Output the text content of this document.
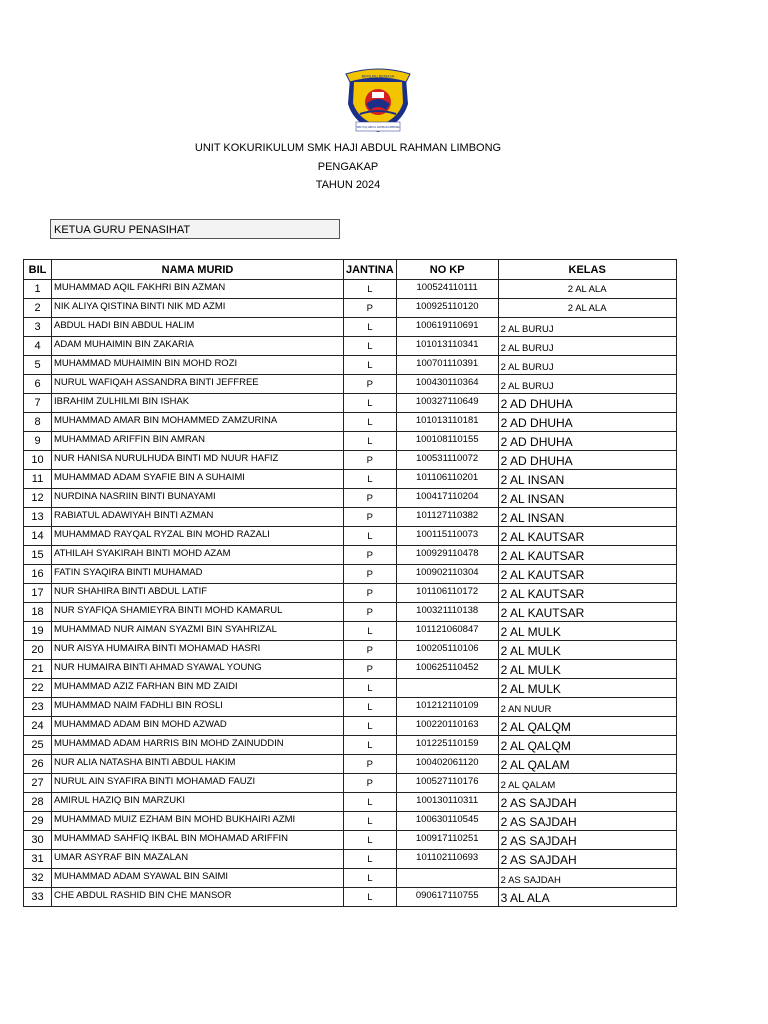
BERILMU BERJASA
SMK HAJI ABDUL RAHMAN LIMBONG
UNIT KOKURIKULUM SMK HAJI ABDUL RAHMAN LIMBONG
PENGAKAP
TAHUN 2024
KETUA GURU PENASIHAT
BIL	NAMA MURID	JANTINA	NO KP	KELAS
1	MUHAMMAD AQIL FAKHRI BIN AZMAN	L	100524110111	2 AL ALA
2	NIK ALIYA QISTINA BINTI NIK MD AZMI	P	100925110120	2 AL ALA
3	ABDUL HADI BIN ABDUL HALIM	L	100619110691	2 AL BURUJ
4	ADAM MUHAIMIN BIN ZAKARIA	L	101013110341	2 AL BURUJ
5	MUHAMMAD MUHAIMIN BIN MOHD ROZI	L	100701110391	2 AL BURUJ
6	NURUL WAFIQAH ASSANDRA BINTI JEFFREE	P	100430110364	2 AL BURUJ
7	IBRAHIM ZULHILMI BIN ISHAK	L	100327110649	2 AD DHUHA
8	MUHAMMAD AMAR BIN MOHAMMED ZAMZURINA	L	101013110181	2 AD DHUHA
9	MUHAMMAD ARIFFIN BIN AMRAN	L	100108110155	2 AD DHUHA
10	NUR HANISA NURULHUDA BINTI MD NUUR HAFIZ	P	100531110072	2 AD DHUHA
11	MUHAMMAD ADAM SYAFIE BIN A SUHAIMI	L	101106110201	2 AL INSAN
12	NURDINA NASRIIN BINTI BUNAYAMI	P	100417110204	2 AL INSAN
13	RABIATUL ADAWIYAH BINTI AZMAN	P	101127110382	2 AL INSAN
14	MUHAMMAD RAYQAL RYZAL BIN MOHD RAZALI	L	100115110073	2 AL KAUTSAR
15	ATHILAH SYAKIRAH BINTI MOHD AZAM	P	100929110478	2 AL KAUTSAR
16	FATIN SYAQIRA BINTI MUHAMAD	P	100902110304	2 AL KAUTSAR
17	NUR SHAHIRA BINTI ABDUL LATIF	P	101106110172	2 AL KAUTSAR
18	NUR SYAFIQA SHAMIEYRA BINTI MOHD KAMARUL	P	100321110138	2 AL KAUTSAR
19	MUHAMMAD NUR AIMAN SYAZMI BIN SYAHRIZAL	L	101121060847	2 AL MULK
20	NUR AISYA HUMAIRA BINTI MOHAMAD HASRI	P	100205110106	2 AL MULK
21	NUR HUMAIRA BINTI AHMAD SYAWAL YOUNG	P	100625110452	2 AL MULK
22	MUHAMMAD AZIZ FARHAN BIN MD ZAIDI	L		2 AL MULK
23	MUHAMMAD NAIM FADHLI BIN ROSLI	L	101212110109	2 AN NUUR
24	MUHAMMAD ADAM BIN MOHD AZWAD	L	100220110163	2 AL QALQM
25	MUHAMMAD ADAM HARRIS BIN MOHD ZAINUDDIN	L	101225110159	2 AL QALQM
26	NUR ALIA NATASHA BINTI ABDUL HAKIM	P	100402061120	2 AL QALAM
27	NURUL AIN SYAFIRA BINTI MOHAMAD FAUZI	P	100527110176	2 AL QALAM
28	AMIRUL HAZIQ BIN MARZUKI	L	100130110311	2 AS SAJDAH
29	MUHAMMAD MUIZ EZHAM BIN MOHD BUKHAIRI AZMI	L	100630110545	2 AS SAJDAH
30	MUHAMMAD SAHFIQ IKBAL BIN MOHAMAD ARIFFIN	L	100917110251	2 AS SAJDAH
31	UMAR ASYRAF BIN MAZALAN	L	101102110693	2 AS SAJDAH
32	MUHAMMAD ADAM SYAWAL BIN SAIMI	L		2 AS SAJDAH
33	CHE ABDUL RASHID BIN CHE MANSOR	L	090617110755	3 AL ALA
